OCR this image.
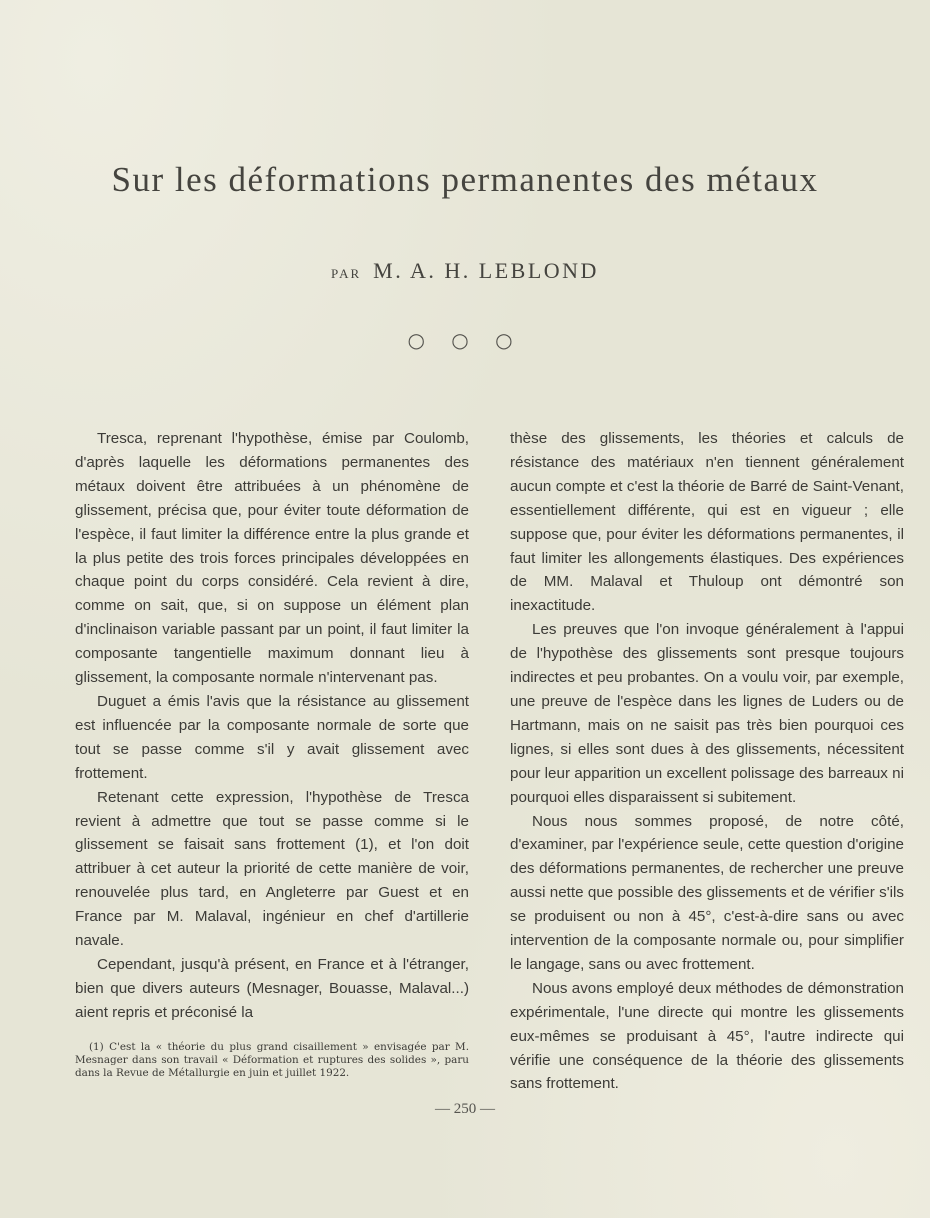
Sur les déformations permanentes des métaux
PAR M. A. H. LEBLOND
○ ○ ○

Tresca, reprenant l'hypothèse, émise par Coulomb, d'après laquelle les déformations permanentes des métaux doivent être attribuées à un phénomène de glissement, précisa que, pour éviter toute déformation de l'espèce, il faut limiter la différence entre la plus grande et la plus petite des trois forces principales développées en chaque point du corps considéré. Cela revient à dire, comme on sait, que, si on suppose un élément plan d'inclinaison variable passant par un point, il faut limiter la composante tangentielle maximum donnant lieu à glissement, la composante normale n'intervenant pas.

Duguet a émis l'avis que la résistance au glissement est influencée par la composante normale de sorte que tout se passe comme s'il y avait glissement avec frottement.

Retenant cette expression, l'hypothèse de Tresca revient à admettre que tout se passe comme si le glissement se faisait sans frottement (1), et l'on doit attribuer à cet auteur la priorité de cette manière de voir, renouvelée plus tard, en Angleterre par Guest et en France par M. Malaval, ingénieur en chef d'artillerie navale.

Cependant, jusqu'à présent, en France et à l'étranger, bien que divers auteurs (Mesnager, Bouasse, Malaval...) aient repris et préconisé la

thèse des glissements, les théories et calculs de résistance des matériaux n'en tiennent généralement aucun compte et c'est la théorie de Barré de Saint-Venant, essentiellement différente, qui est en vigueur ; elle suppose que, pour éviter les déformations permanentes, il faut limiter les allongements élastiques. Des expériences de MM. Malaval et Thuloup ont démontré son inexactitude.

Les preuves que l'on invoque généralement à l'appui de l'hypothèse des glissements sont presque toujours indirectes et peu probantes. On a voulu voir, par exemple, une preuve de l'espèce dans les lignes de Luders ou de Hartmann, mais on ne saisit pas très bien pourquoi ces lignes, si elles sont dues à des glissements, nécessitent pour leur apparition un excellent polissage des barreaux ni pourquoi elles disparaissent si subitement.

Nous nous sommes proposé, de notre côté, d'examiner, par l'expérience seule, cette question d'origine des déformations permanentes, de rechercher une preuve aussi nette que possible des glissements et de vérifier s'ils se produisent ou non à 45°, c'est-à-dire sans ou avec intervention de la composante normale ou, pour simplifier le langage, sans ou avec frottement.

Nous avons employé deux méthodes de démonstration expérimentale, l'une directe qui montre les glissements eux-mêmes se produisant à 45°, l'autre indirecte qui vérifie une conséquence de la théorie des glissements sans frottement.

(1) C'est la « théorie du plus grand cisaillement » envisagée par M. Mesnager dans son travail « Déformation et ruptures des solides », paru dans la Revue de Métallurgie en juin et juillet 1922.
— 250 —
